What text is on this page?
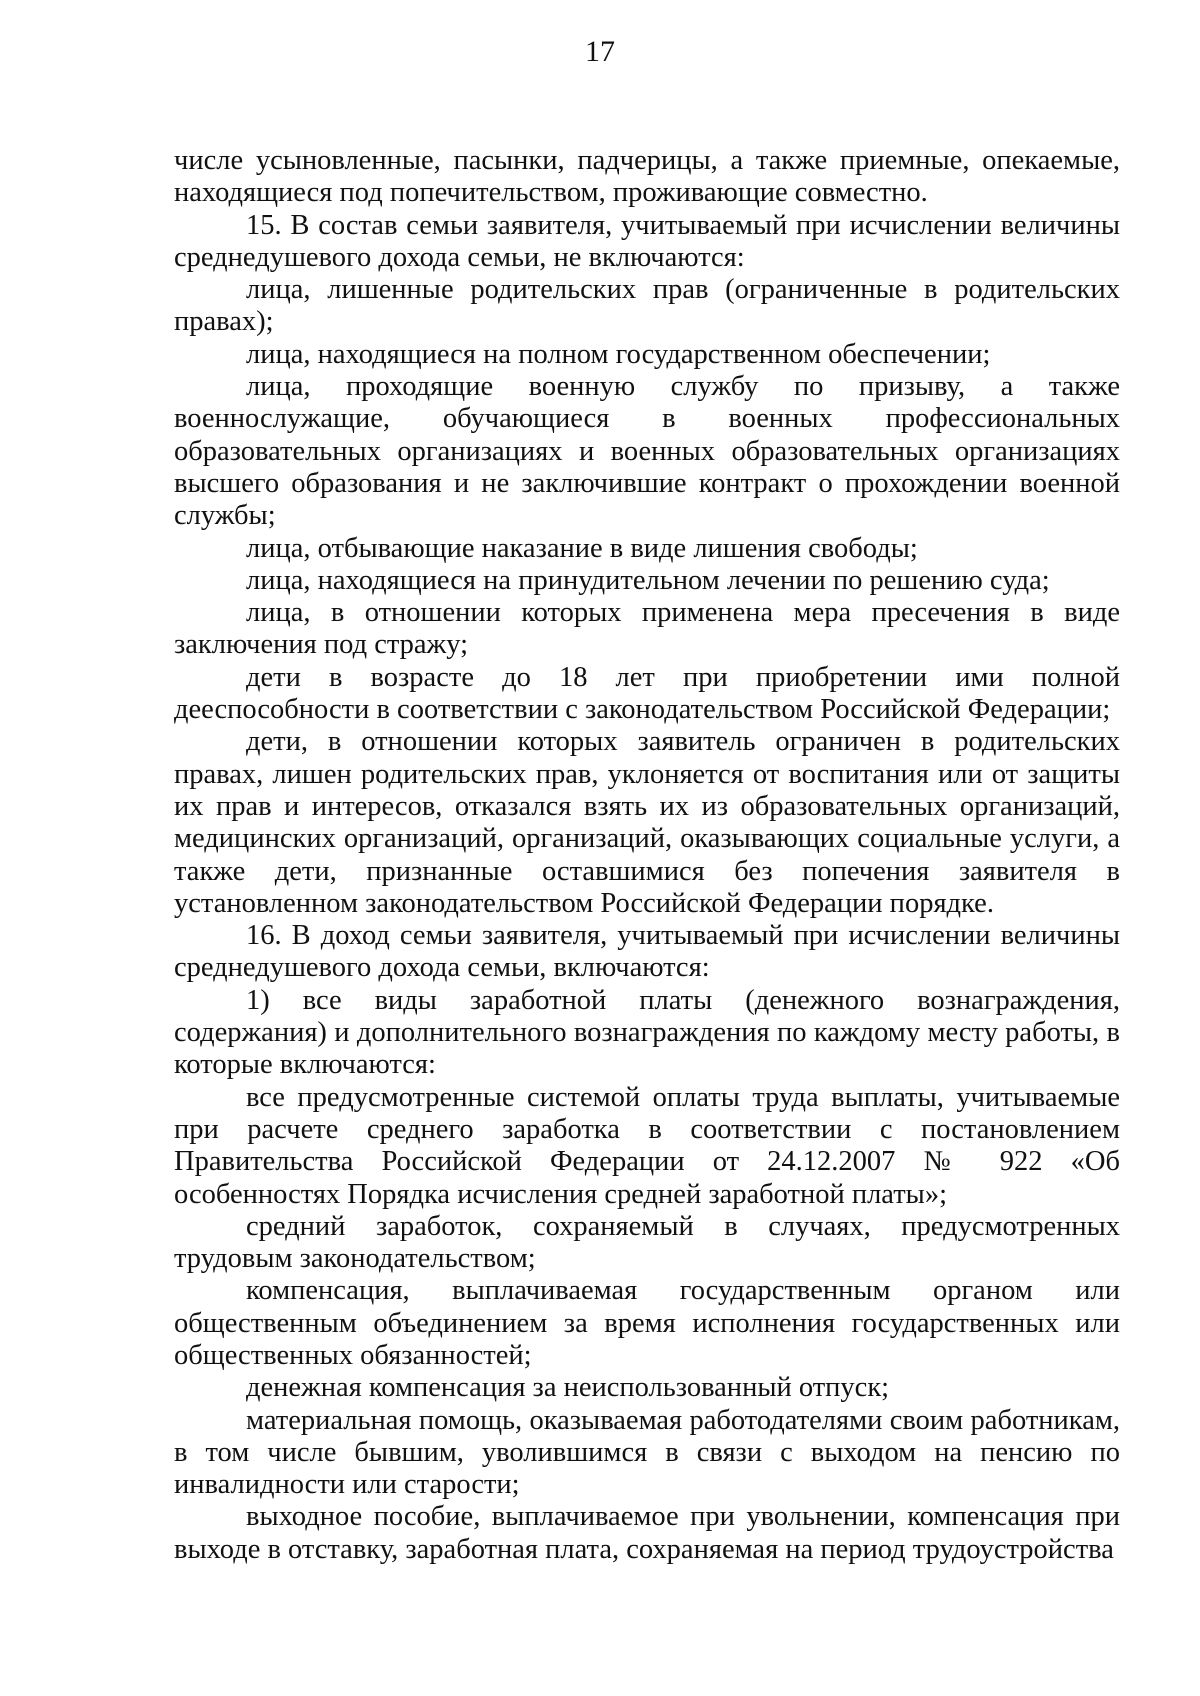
17

числе усыновленные, пасынки, падчерицы, а также приемные, опекаемые, находящиеся под попечительством, проживающие совместно.

15. В состав семьи заявителя, учитываемый при исчислении величины среднедушевого дохода семьи, не включаются:

лица, лишенные родительских прав (ограниченные в родительских правах);

лица, находящиеся на полном государственном обеспечении;

лица, проходящие военную службу по призыву, а также военнослужащие, обучающиеся в военных профессиональных образовательных организациях и военных образовательных организациях высшего образования и не заключившие контракт о прохождении военной службы;

лица, отбывающие наказание в виде лишения свободы;

лица, находящиеся на принудительном лечении по решению суда;

лица, в отношении которых применена мера пресечения в виде заключения под стражу;

дети в возрасте до 18 лет при приобретении ими полной дееспособности в соответствии с законодательством Российской Федерации;

дети, в отношении которых заявитель ограничен в родительских правах, лишен родительских прав, уклоняется от воспитания или от защиты их прав и интересов, отказался взять их из образовательных организаций, медицинских организаций, организаций, оказывающих социальные услуги, а также дети, признанные оставшимися без попечения заявителя в установленном законодательством Российской Федерации порядке.

16. В доход семьи заявителя, учитываемый при исчислении величины среднедушевого дохода семьи, включаются:

1) все виды заработной платы (денежного вознаграждения, содержания) и дополнительного вознаграждения по каждому месту работы, в которые включаются:

все предусмотренные системой оплаты труда выплаты, учитываемые при расчете среднего заработка в соответствии с постановлением Правительства Российской Федерации от 24.12.2007 № 922 «Об особенностях Порядка исчисления средней заработной платы»;

средний заработок, сохраняемый в случаях, предусмотренных трудовым законодательством;

компенсация, выплачиваемая государственным органом или общественным объединением за время исполнения государственных или общественных обязанностей;

денежная компенсация за неиспользованный отпуск;

материальная помощь, оказываемая работодателями своим работникам, в том числе бывшим, уволившимся в связи с выходом на пенсию по инвалидности или старости;

выходное пособие, выплачиваемое при увольнении, компенсация при выходе в отставку, заработная плата, сохраняемая на период трудоустройства
